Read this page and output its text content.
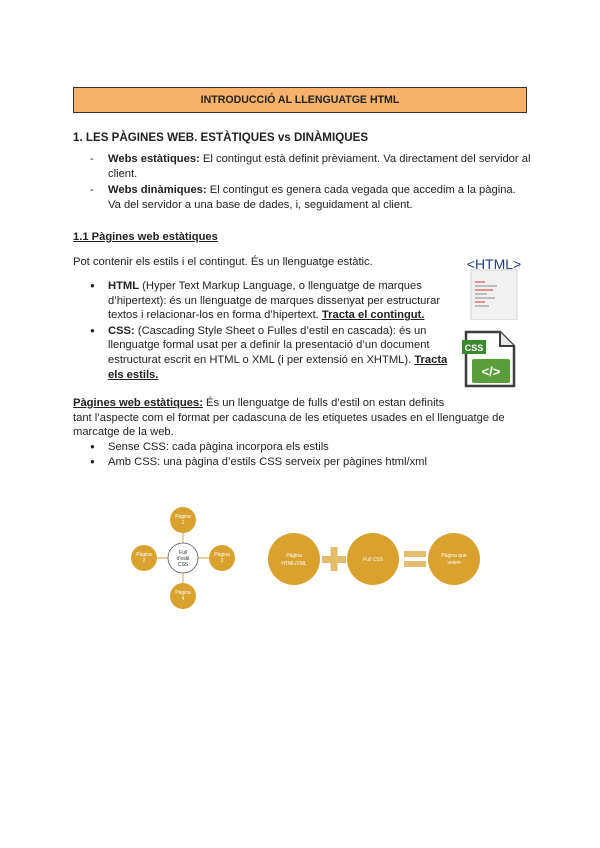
INTRODUCCIÓ AL LLENGUATGE HTML
1. LES PÀGINES WEB. ESTÀTIQUES vs DINÀMIQUES
- Webs estàtiques: El contingut està definit prèviament. Va directament del servidor al
client.
- Webs dinàmiques: El contingut es genera cada vegada que accedim a la pàgina.
Va del servidor a una base de dades, i, seguidament al client.
1.1 Pàgines web estàtiques
Pot contenir els estils i el contingut. És un llenguatge estàtic.
● HTML (Hyper Text Markup Language, o llenguatge de marques
d’hipertext): és un llenguatge de marques dissenyat per estructurar
textos i relacionar-los en forma d’hipertext. Tracta el contingut.
● CSS: (Cascading Style Sheet o Fulles d’estil en cascada): és un
llenguatge formal usat per a definir la presentació d’un document
estructurat escrit en HTML o XML (i per extensió en XHTML). Tracta
els estils.
<HTML>
CSS
</>
Pàgines web estàtiques: És un llenguatge de fulls d’estil on estan definits
tant l’aspecte com el format per cadascuna de les etiquetes usades en el llenguatge de
marcatge de la web.
● Sense CSS: cada pàgina incorpora els estils
● Amb CSS: una pàgina d’estils CSS serveix per pàgines html/xml
Full
d'estil
CSS
Pàgina
1
Pàgina
2
Pàgina
3
Pàgina
4
Pàgina
HTML/XML
Full CSS
Pàgina que
veiem
